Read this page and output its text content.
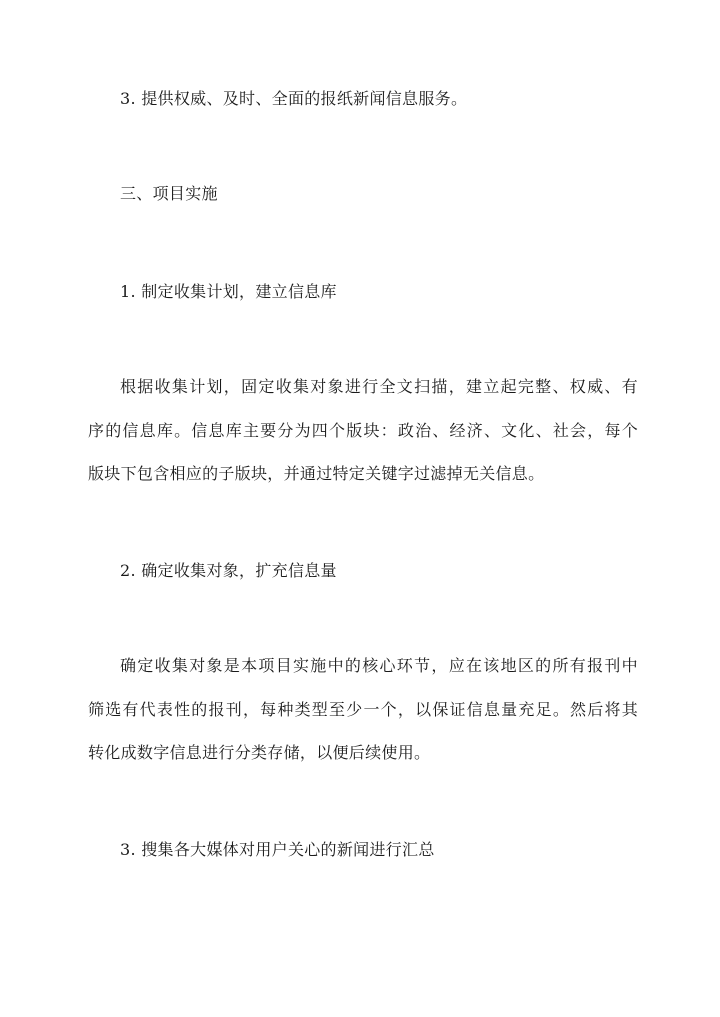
3. 提供权威、及时、全面的报纸新闻信息服务。
三、项目实施
1. 制定收集计划，建立信息库
根据收集计划，固定收集对象进行全文扫描，建立起完整、权威、有
序的信息库。信息库主要分为四个版块：政治、经济、文化、社会，每个
版块下包含相应的子版块，并通过特定关键字过滤掉无关信息。
2. 确定收集对象，扩充信息量
确定收集对象是本项目实施中的核心环节，应在该地区的所有报刊中
筛选有代表性的报刊，每种类型至少一个，以保证信息量充足。然后将其
转化成数字信息进行分类存储，以便后续使用。
3. 搜集各大媒体对用户关心的新闻进行汇总
